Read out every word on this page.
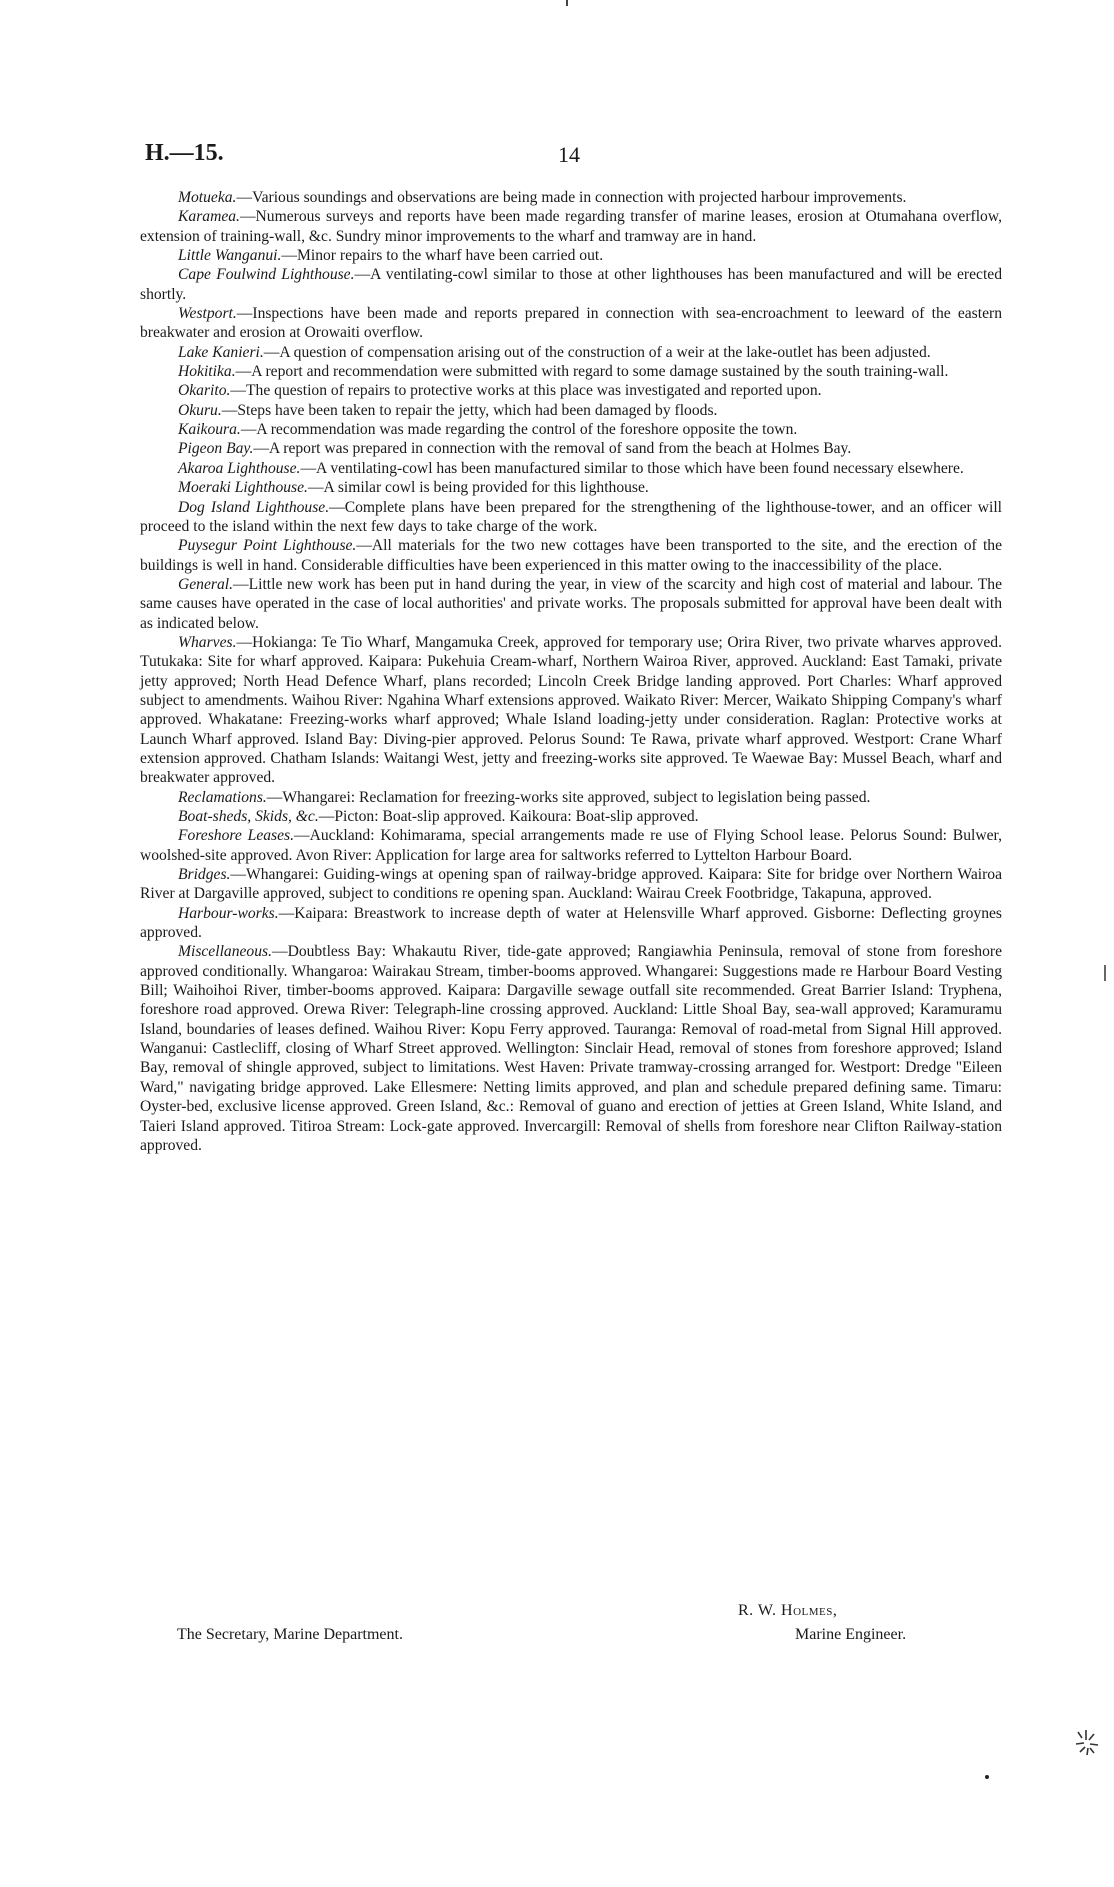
H.—15.	14

Motueka.—Various soundings and observations are being made in connection with projected harbour improvements.

Karamea.—Numerous surveys and reports have been made regarding transfer of marine leases, erosion at Otumahana overflow, extension of training-wall, &c. Sundry minor improvements to the wharf and tramway are in hand.

Little Wanganui.—Minor repairs to the wharf have been carried out.

Cape Foulwind Lighthouse.—A ventilating-cowl similar to those at other lighthouses has been manufactured and will be erected shortly.

Westport.—Inspections have been made and reports prepared in connection with sea-encroachment to leeward of the eastern breakwater and erosion at Orowaiti overflow.

Lake Kanieri.—A question of compensation arising out of the construction of a weir at the lake-outlet has been adjusted.

Hokitika.—A report and recommendation were submitted with regard to some damage sustained by the south training-wall.

Okarito.—The question of repairs to protective works at this place was investigated and reported upon.

Okuru.—Steps have been taken to repair the jetty, which had been damaged by floods.

Kaikoura.—A recommendation was made regarding the control of the foreshore opposite the town.

Pigeon Bay.—A report was prepared in connection with the removal of sand from the beach at Holmes Bay.

Akaroa Lighthouse.—A ventilating-cowl has been manufactured similar to those which have been found necessary elsewhere.

Moeraki Lighthouse.—A similar cowl is being provided for this lighthouse.

Dog Island Lighthouse.—Complete plans have been prepared for the strengthening of the lighthouse-tower, and an officer will proceed to the island within the next few days to take charge of the work.

Puysegur Point Lighthouse.—All materials for the two new cottages have been transported to the site, and the erection of the buildings is well in hand. Considerable difficulties have been experienced in this matter owing to the inaccessibility of the place.

General.—Little new work has been put in hand during the year, in view of the scarcity and high cost of material and labour. The same causes have operated in the case of local authorities' and private works. The proposals submitted for approval have been dealt with as indicated below.

Wharves.—Hokianga: Te Tio Wharf, Mangamuka Creek, approved for temporary use; Orira River, two private wharves approved. Tutukaka: Site for wharf approved. Kaipara: Pukehuia Cream-wharf, Northern Wairoa River, approved. Auckland: East Tamaki, private jetty approved; North Head Defence Wharf, plans recorded; Lincoln Creek Bridge landing approved. Port Charles: Wharf approved subject to amendments. Waihou River: Ngahina Wharf extensions approved. Waikato River: Mercer, Waikato Shipping Company's wharf approved. Whakatane: Freezing-works wharf approved; Whale Island loading-jetty under consideration. Raglan: Protective works at Launch Wharf approved. Island Bay: Diving-pier approved. Pelorus Sound: Te Rawa, private wharf approved. Westport: Crane Wharf extension approved. Chatham Islands: Waitangi West, jetty and freezing-works site approved. Te Waewae Bay: Mussel Beach, wharf and breakwater approved.

Reclamations.—Whangarei: Reclamation for freezing-works site approved, subject to legislation being passed.

Boat-sheds, Skids, &c.—Picton: Boat-slip approved. Kaikoura: Boat-slip approved.

Foreshore Leases.—Auckland: Kohimarama, special arrangements made re use of Flying School lease. Pelorus Sound: Bulwer, woolshed-site approved. Avon River: Application for large area for saltworks referred to Lyttelton Harbour Board.

Bridges.—Whangarei: Guiding-wings at opening span of railway-bridge approved. Kaipara: Site for bridge over Northern Wairoa River at Dargaville approved, subject to conditions re opening span. Auckland: Wairau Creek Footbridge, Takapuna, approved.

Harbour-works.—Kaipara: Breastwork to increase depth of water at Helensville Wharf approved. Gisborne: Deflecting groynes approved.

Miscellaneous.—Doubtless Bay: Whakautu River, tide-gate approved; Rangiawhia Peninsula, removal of stone from foreshore approved conditionally. Whangaroa: Wairakau Stream, timber-booms approved. Whangarei: Suggestions made re Harbour Board Vesting Bill; Waihoihoi River, timber-booms approved. Kaipara: Dargaville sewage outfall site recommended. Great Barrier Island: Tryphena, foreshore road approved. Orewa River: Telegraph-line crossing approved. Auckland: Little Shoal Bay, sea-wall approved; Karamuramu Island, boundaries of leases defined. Waihou River: Kopu Ferry approved. Tauranga: Removal of road-metal from Signal Hill approved. Wanganui: Castlecliff, closing of Wharf Street approved. Wellington: Sinclair Head, removal of stones from foreshore approved; Island Bay, removal of shingle approved, subject to limitations. West Haven: Private tramway-crossing arranged for. Westport: Dredge "Eileen Ward," navigating bridge approved. Lake Ellesmere: Netting limits approved, and plan and schedule prepared defining same. Timaru: Oyster-bed, exclusive license approved. Green Island, &c.: Removal of guano and erection of jetties at Green Island, White Island, and Taieri Island approved. Titiroa Stream: Lock-gate approved. Invercargill: Removal of shells from foreshore near Clifton Railway-station approved.

R. W. Holmes,
The Secretary, Marine Department.	Marine Engineer.
